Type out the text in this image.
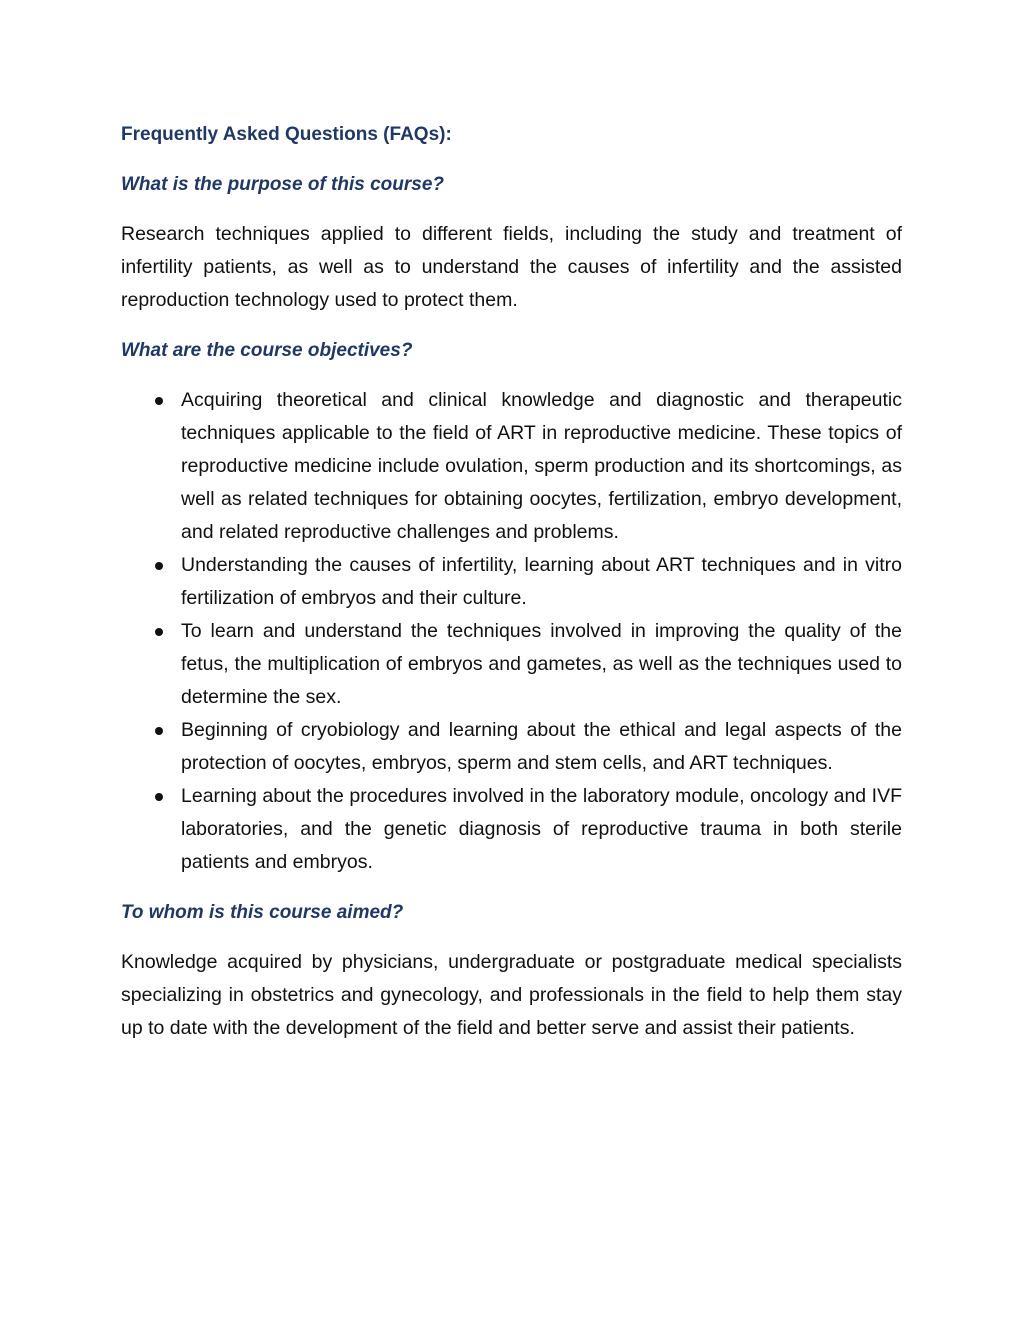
Frequently Asked Questions (FAQs):
What is the purpose of this course?

Research techniques applied to different fields, including the study and treatment of infertility patients, as well as to understand the causes of infertility and the assisted reproduction technology used to protect them.

What are the course objectives?
Acquiring theoretical and clinical knowledge and diagnostic and therapeutic techniques applicable to the field of ART in reproductive medicine. These topics of reproductive medicine include ovulation, sperm production and its shortcomings, as well as related techniques for obtaining oocytes, fertilization, embryo development, and related reproductive challenges and problems.
Understanding the causes of infertility, learning about ART techniques and in vitro fertilization of embryos and their culture.
To learn and understand the techniques involved in improving the quality of the fetus, the multiplication of embryos and gametes, as well as the techniques used to determine the sex.
Beginning of cryobiology and learning about the ethical and legal aspects of the protection of oocytes, embryos, sperm and stem cells, and ART techniques.
Learning about the procedures involved in the laboratory module, oncology and IVF laboratories, and the genetic diagnosis of reproductive trauma in both sterile patients and embryos.
To whom is this course aimed?

Knowledge acquired by physicians, undergraduate or postgraduate medical specialists specializing in obstetrics and gynecology, and professionals in the field to help them stay up to date with the development of the field and better serve and assist their patients.
